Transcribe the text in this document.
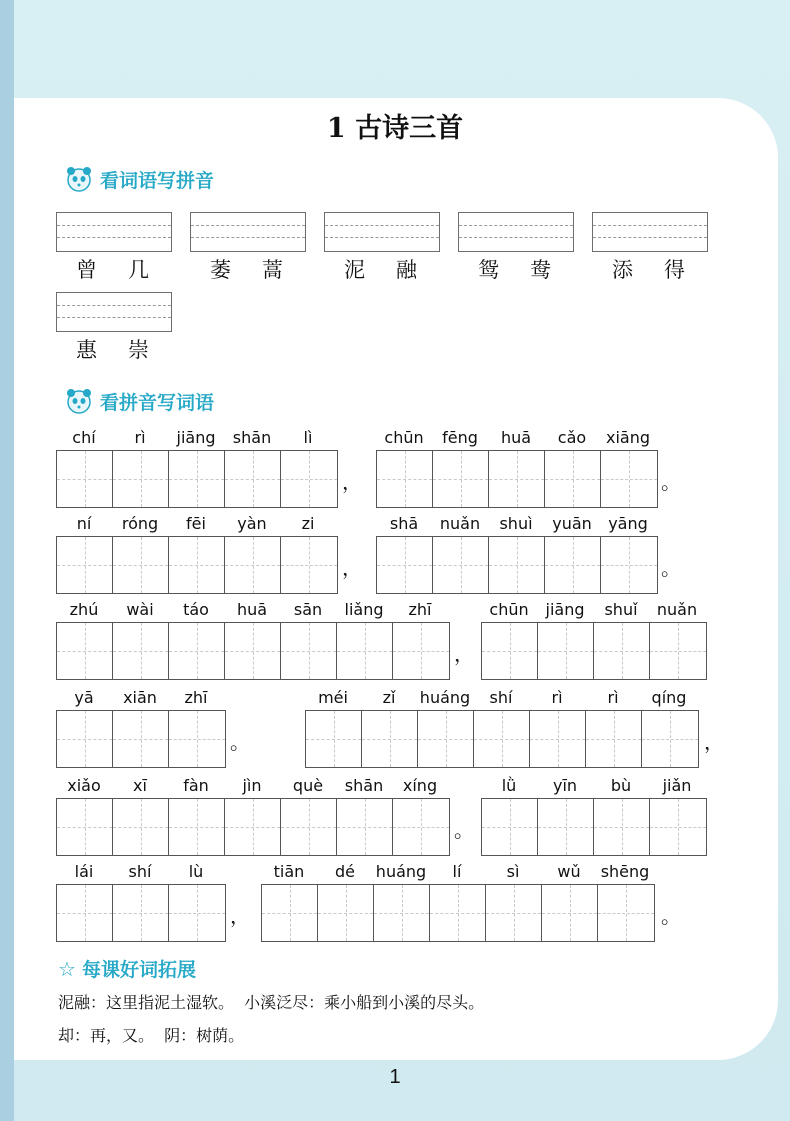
1 古诗三首
看词语写拼音
曾 几	萎 蒿	泥 融	鸳 鸯	添 得
惠 崇
看拼音写词语
chí	rì	jiāng	shān	lì	chūn	fēng	huā	cǎo	xiāng
，	。
ní	róng	fēi	yàn	zi	shā	nuǎn	shuì	yuān	yāng
，	。
zhú	wài	táo	huā	sān	liǎng	zhī	chūn	jiāng	shuǐ	nuǎn
，
yā	xiān	zhī	méi	zǐ	huáng	shí	rì	rì	qíng
。	，
xiǎo	xī	fàn	jìn	què	shān	xíng	lǜ	yīn	bù	jiǎn
。
lái	shí	lù	tiān	dé	huáng	lí	sì	wǔ	shēng
，	。
☆ 每课好词拓展
泥融：这里指泥土湿软。  小溪泛尽：乘小船到小溪的尽头。
却：再，又。  阴：树荫。
1
